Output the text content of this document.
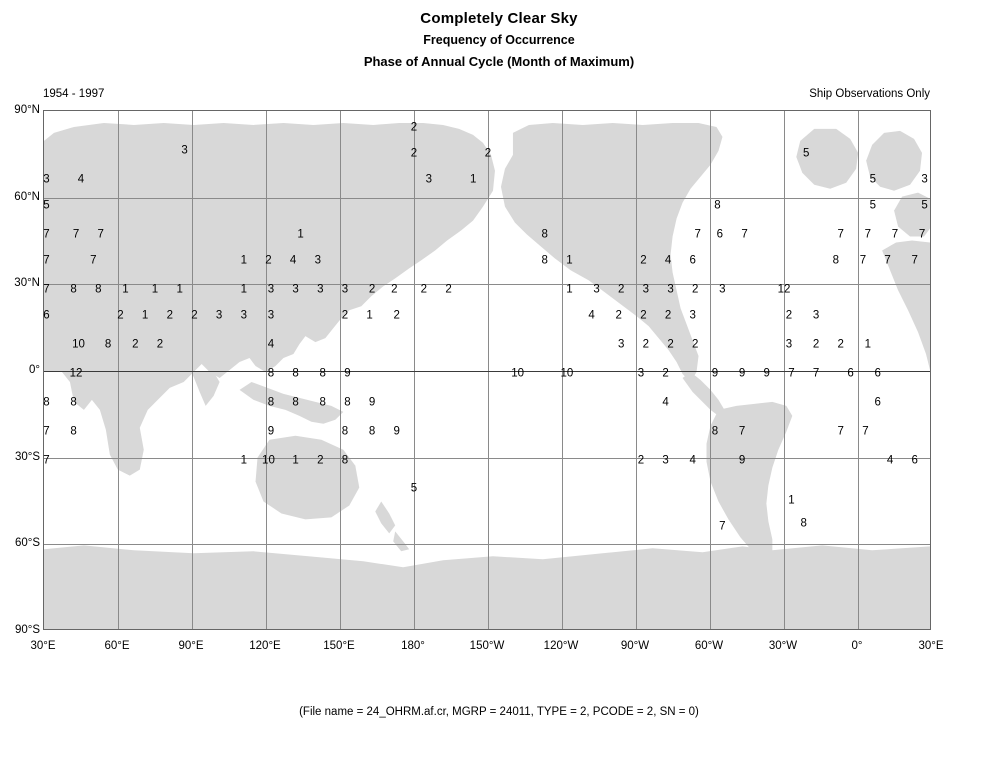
Completely Clear Sky
Frequency of Occurrence
Phase of Annual Cycle (Month of Maximum)
1954 - 1997	Ship Observations Only
2
2	2
3	5
3 4	3	1	5	3
5	8	5	5
7 7 7	1	8	7 6 7	7 7 7 7
7	7	1 2 4 3	8 1	2 4 6	8 7 7 7
7 8 8 1 1 1	1 3 3 3 3 2 2 2 2	1 3 2 3 3 2 3	12
6	2 1 2 2 3 3 3	2 1 2	4 2 2 2 3	2 3
10 8 2 2	4	3 2 2 2	3 2 2 1
12	8 8 8 9	10	10	3 2	9 9 9 7 7 6 6
8 8	8 8 8 8 9	4	6
7 8	9	8 8 9	8 7	7 7
7	1 10 1 2 8	2 3 4	9	4 6
5
1
7	8
90°N
60°N
30°N
0°
30°S
60°S
90°S
30°E	60°E	90°E	120°E	150°E	180°	150°W	120°W	90°W	60°W	30°W	0°	30°E
(File name = 24_OHRM.af.cr, MGRP = 24011, TYPE = 2, PCODE = 2, SN = 0)
